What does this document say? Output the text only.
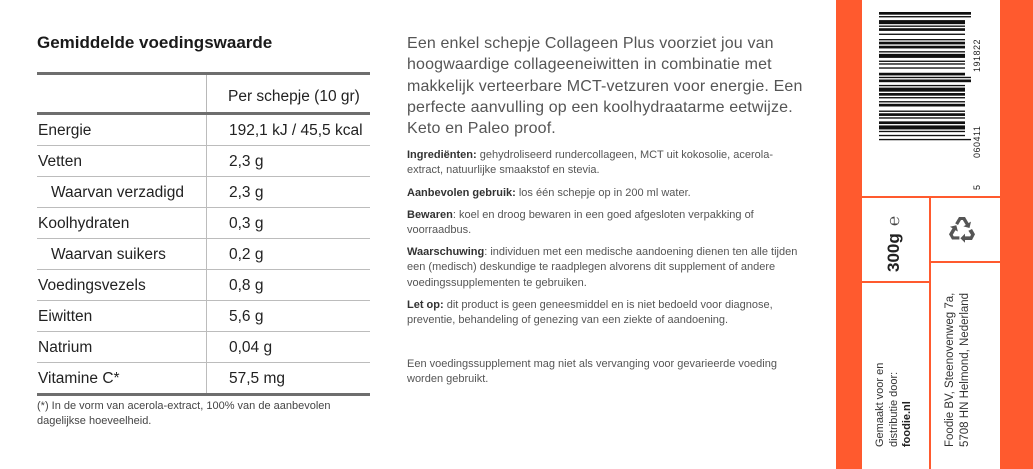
Gemiddelde voedingswaarde
Per schepje (10 gr)
Energie	192,1 kJ / 45,5 kcal
Vetten	2,3 g
Waarvan verzadigd	2,3 g
Koolhydraten	0,3 g
Waarvan suikers	0,2 g
Voedingsvezels	0,8 g
Eiwitten	5,6 g
Natrium	0,04 g
Vitamine C*	57,5 mg
(*) In de vorm van acerola-extract, 100% van de aanbevolen dagelijkse hoeveelheid.
Een enkel schepje Collageen Plus voorziet jou van hoogwaardige collageeneiwitten in combinatie met makkelijk verteerbare MCT-vetzuren voor energie. Een perfecte aanvulling op een koolhydraatarme eetwijze. Keto en Paleo proof.
Ingrediënten: gehydroliseerd rundercollageen, MCT uit kokosolie, acerola-extract, natuurlijke smaakstof en stevia.
Aanbevolen gebruik: los één schepje op in 200 ml water.
Bewaren: koel en droog bewaren in een goed afgesloten verpakking of voorraadbus.
Waarschuwing: individuen met een medische aandoening dienen ten alle tijden een (medisch) deskundige te raadplegen alvorens dit supplement of andere voedingssupplementen te gebruiken.
Let op: dit product is geen geneesmiddel en is niet bedoeld voor diagnose, preventie, behandeling of genezing van een ziekte of aandoening.
Een voedingssupplement mag niet als vervanging voor gevarieerde voeding worden gebruikt.
191822
060411
5
300g
℮
Gemaakt voor en distributie door: foodie.nl	Foodie BV, Steenovenweg 7a, 5708 HN Helmond, Nederland
